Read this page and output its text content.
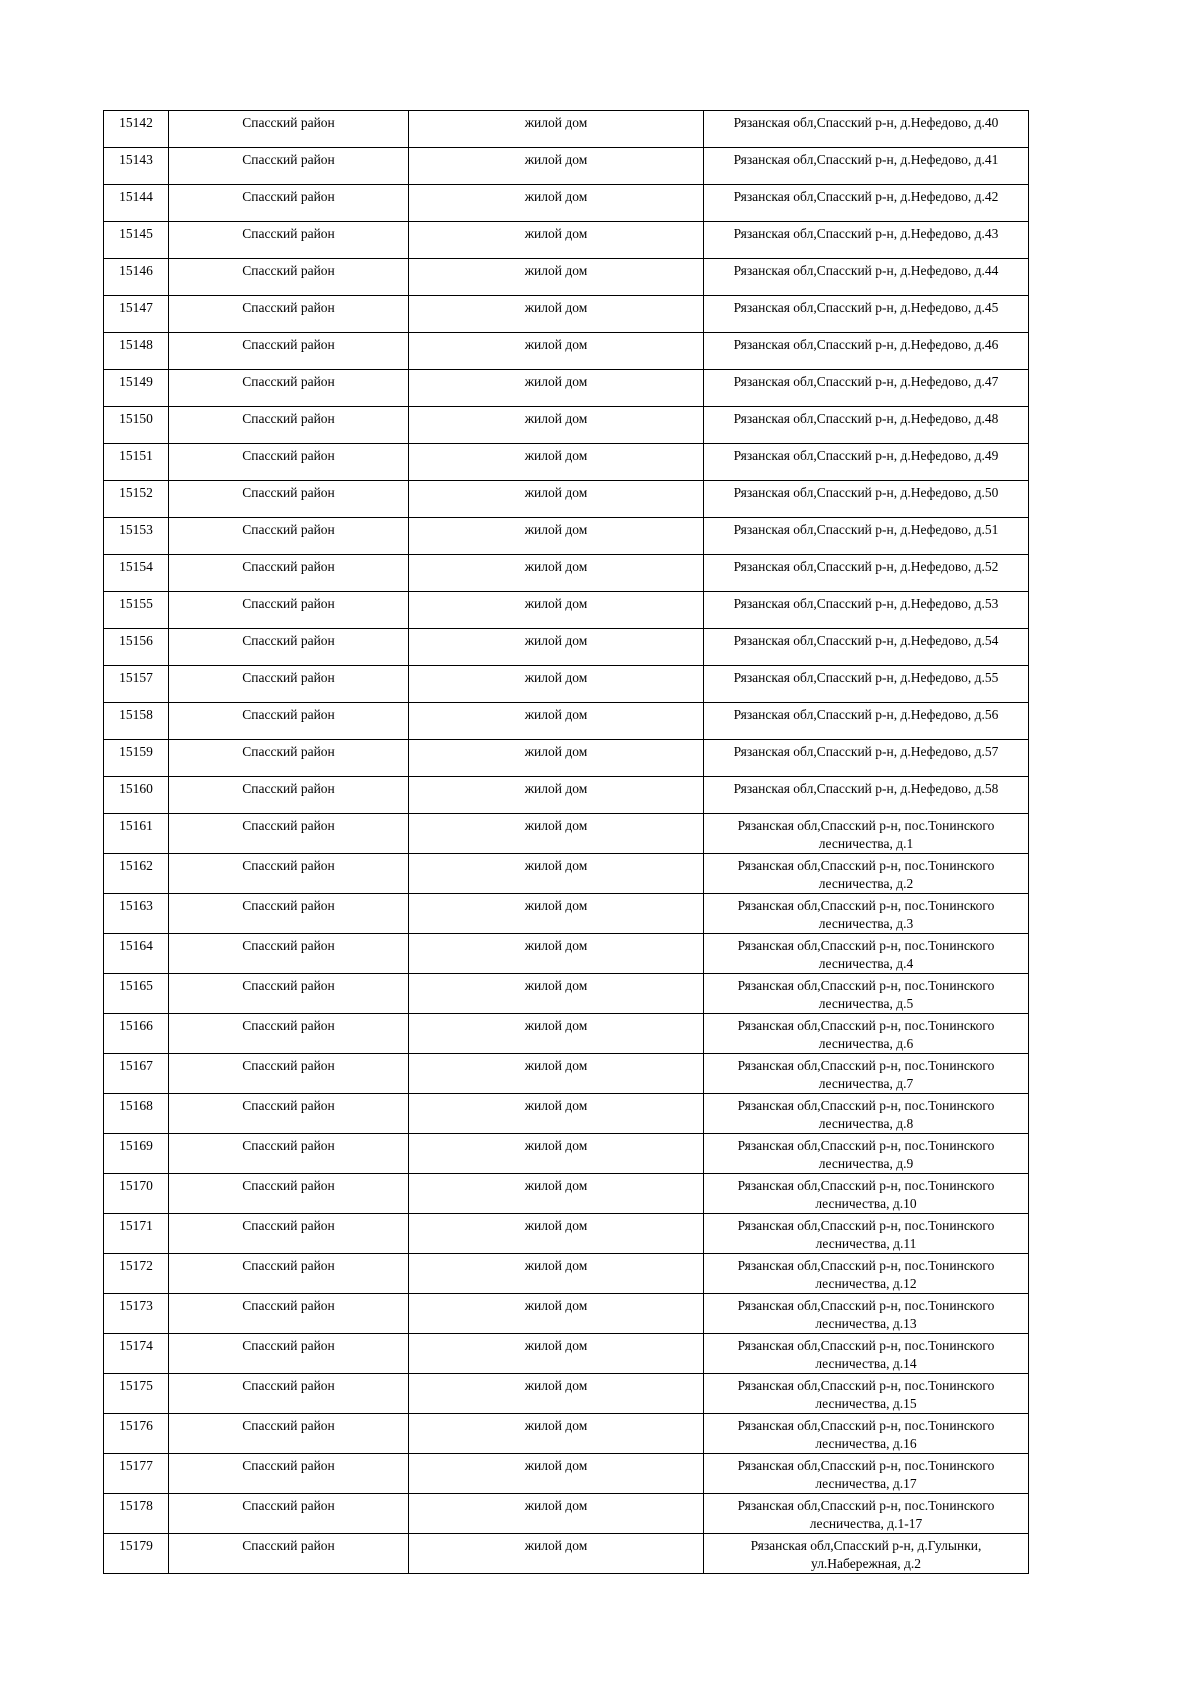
15142	Спасский район	жилой дом	Рязанская обл,Спасский р-н, д.Нефедово, д.40
15143	Спасский район	жилой дом	Рязанская обл,Спасский р-н, д.Нефедово, д.41
15144	Спасский район	жилой дом	Рязанская обл,Спасский р-н, д.Нефедово, д.42
15145	Спасский район	жилой дом	Рязанская обл,Спасский р-н, д.Нефедово, д.43
15146	Спасский район	жилой дом	Рязанская обл,Спасский р-н, д.Нефедово, д.44
15147	Спасский район	жилой дом	Рязанская обл,Спасский р-н, д.Нефедово, д.45
15148	Спасский район	жилой дом	Рязанская обл,Спасский р-н, д.Нефедово, д.46
15149	Спасский район	жилой дом	Рязанская обл,Спасский р-н, д.Нефедово, д.47
15150	Спасский район	жилой дом	Рязанская обл,Спасский р-н, д.Нефедово, д.48
15151	Спасский район	жилой дом	Рязанская обл,Спасский р-н, д.Нефедово, д.49
15152	Спасский район	жилой дом	Рязанская обл,Спасский р-н, д.Нефедово, д.50
15153	Спасский район	жилой дом	Рязанская обл,Спасский р-н, д.Нефедово, д.51
15154	Спасский район	жилой дом	Рязанская обл,Спасский р-н, д.Нефедово, д.52
15155	Спасский район	жилой дом	Рязанская обл,Спасский р-н, д.Нефедово, д.53
15156	Спасский район	жилой дом	Рязанская обл,Спасский р-н, д.Нефедово, д.54
15157	Спасский район	жилой дом	Рязанская обл,Спасский р-н, д.Нефедово, д.55
15158	Спасский район	жилой дом	Рязанская обл,Спасский р-н, д.Нефедово, д.56
15159	Спасский район	жилой дом	Рязанская обл,Спасский р-н, д.Нефедово, д.57
15160	Спасский район	жилой дом	Рязанская обл,Спасский р-н, д.Нефедово, д.58
15161	Спасский район	жилой дом	Рязанская обл,Спасский р-н, пос.Тонинского лесничества, д.1
15162	Спасский район	жилой дом	Рязанская обл,Спасский р-н, пос.Тонинского лесничества, д.2
15163	Спасский район	жилой дом	Рязанская обл,Спасский р-н, пос.Тонинского лесничества, д.3
15164	Спасский район	жилой дом	Рязанская обл,Спасский р-н, пос.Тонинского лесничества, д.4
15165	Спасский район	жилой дом	Рязанская обл,Спасский р-н, пос.Тонинского лесничества, д.5
15166	Спасский район	жилой дом	Рязанская обл,Спасский р-н, пос.Тонинского лесничества, д.6
15167	Спасский район	жилой дом	Рязанская обл,Спасский р-н, пос.Тонинского лесничества, д.7
15168	Спасский район	жилой дом	Рязанская обл,Спасский р-н, пос.Тонинского лесничества, д.8
15169	Спасский район	жилой дом	Рязанская обл,Спасский р-н, пос.Тонинского лесничества, д.9
15170	Спасский район	жилой дом	Рязанская обл,Спасский р-н, пос.Тонинского лесничества, д.10
15171	Спасский район	жилой дом	Рязанская обл,Спасский р-н, пос.Тонинского лесничества, д.11
15172	Спасский район	жилой дом	Рязанская обл,Спасский р-н, пос.Тонинского лесничества, д.12
15173	Спасский район	жилой дом	Рязанская обл,Спасский р-н, пос.Тонинского лесничества, д.13
15174	Спасский район	жилой дом	Рязанская обл,Спасский р-н, пос.Тонинского лесничества, д.14
15175	Спасский район	жилой дом	Рязанская обл,Спасский р-н, пос.Тонинского лесничества, д.15
15176	Спасский район	жилой дом	Рязанская обл,Спасский р-н, пос.Тонинского лесничества, д.16
15177	Спасский район	жилой дом	Рязанская обл,Спасский р-н, пос.Тонинского лесничества, д.17
15178	Спасский район	жилой дом	Рязанская обл,Спасский р-н, пос.Тонинского лесничества, д.1-17
15179	Спасский район	жилой дом	Рязанская обл,Спасский р-н, д.Гулынки, ул.Набережная, д.2
